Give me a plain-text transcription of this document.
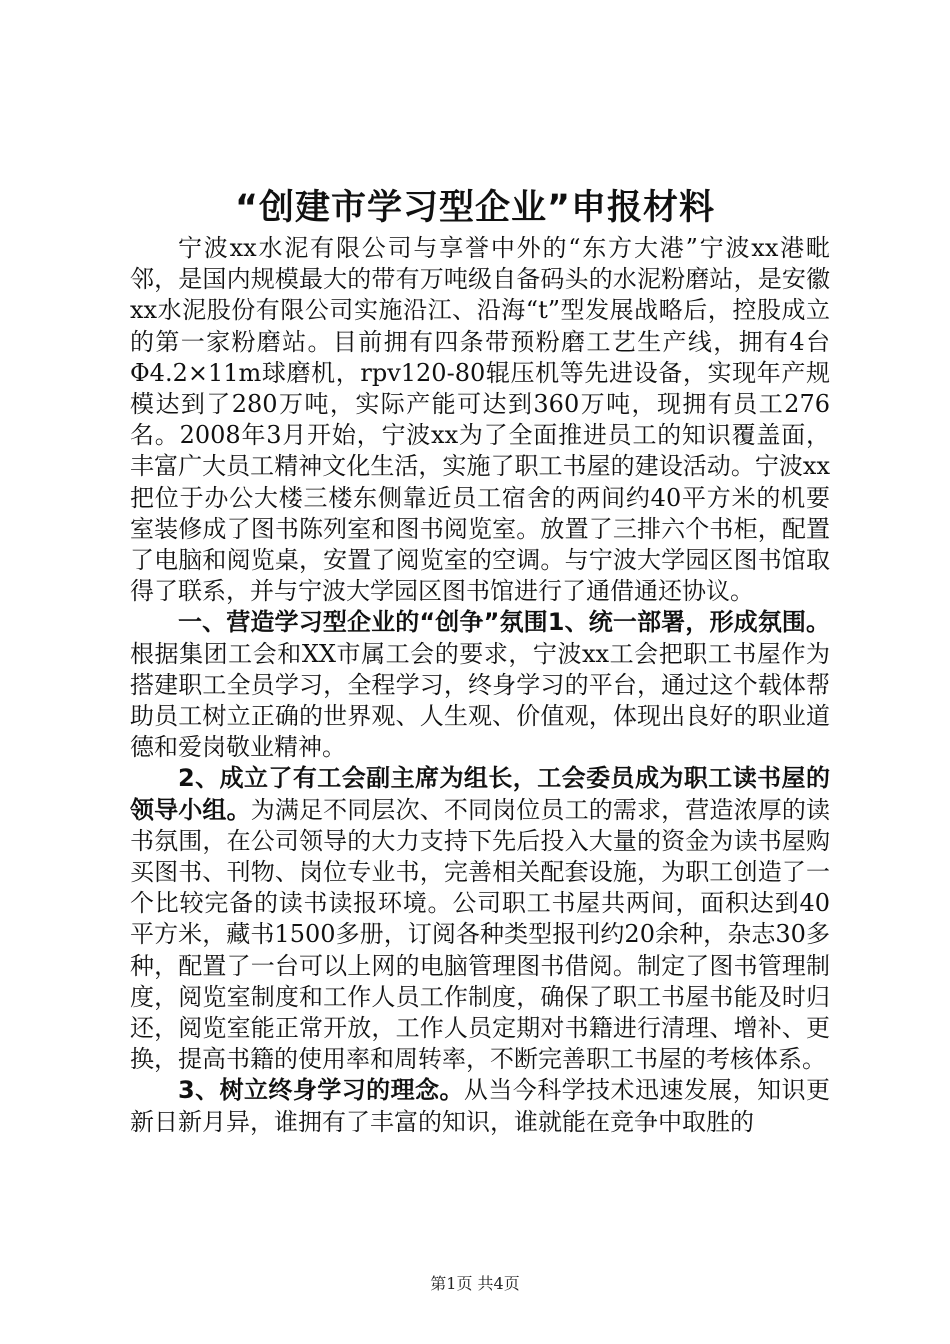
“创建市学习型企业”申报材料

宁波xx水泥有限公司与享誉中外的“东方大港”宁波xx港毗邻，是国内规模最大的带有万吨级自备码头的水泥粉磨站，是安徽xx水泥股份有限公司实施沿江、沿海“t”型发展战略后，控股成立的第一家粉磨站。目前拥有四条带预粉磨工艺生产线，拥有4台Φ4.2×11m球磨机，rpv120-80辊压机等先进设备，实现年产规模达到了280万吨，实际产能可达到360万吨，现拥有员工276名。2008年3月开始，宁波xx为了全面推进员工的知识覆盖面，丰富广大员工精神文化生活，实施了职工书屋的建设活动。宁波xx把位于办公大楼三楼东侧靠近员工宿舍的两间约40平方米的机要室装修成了图书陈列室和图书阅览室。放置了三排六个书柜，配置了电脑和阅览桌，安置了阅览室的空调。与宁波大学园区图书馆取得了联系，并与宁波大学园区图书馆进行了通借通还协议。

一、营造学习型企业的“创争”氛围1、统一部署，形成氛围。根据集团工会和XX市属工会的要求，宁波xx工会把职工书屋作为搭建职工全员学习，全程学习，终身学习的平台，通过这个载体帮助员工树立正确的世界观、人生观、价值观，体现出良好的职业道德和爱岗敬业精神。

2、成立了有工会副主席为组长，工会委员成为职工读书屋的领导小组。为满足不同层次、不同岗位员工的需求，营造浓厚的读书氛围，在公司领导的大力支持下先后投入大量的资金为读书屋购买图书、刊物、岗位专业书，完善相关配套设施，为职工创造了一个比较完备的读书读报环境。公司职工书屋共两间，面积达到40平方米，藏书1500多册，订阅各种类型报刊约20余种，杂志30多种，配置了一台可以上网的电脑管理图书借阅。制定了图书管理制度，阅览室制度和工作人员工作制度，确保了职工书屋书能及时归还，阅览室能正常开放，工作人员定期对书籍进行清理、增补、更换，提高书籍的使用率和周转率，不断完善职工书屋的考核体系。

3、树立终身学习的理念。从当今科学技术迅速发展，知识更新日新月异，谁拥有了丰富的知识，谁就能在竞争中取胜的

第1页 共4页
